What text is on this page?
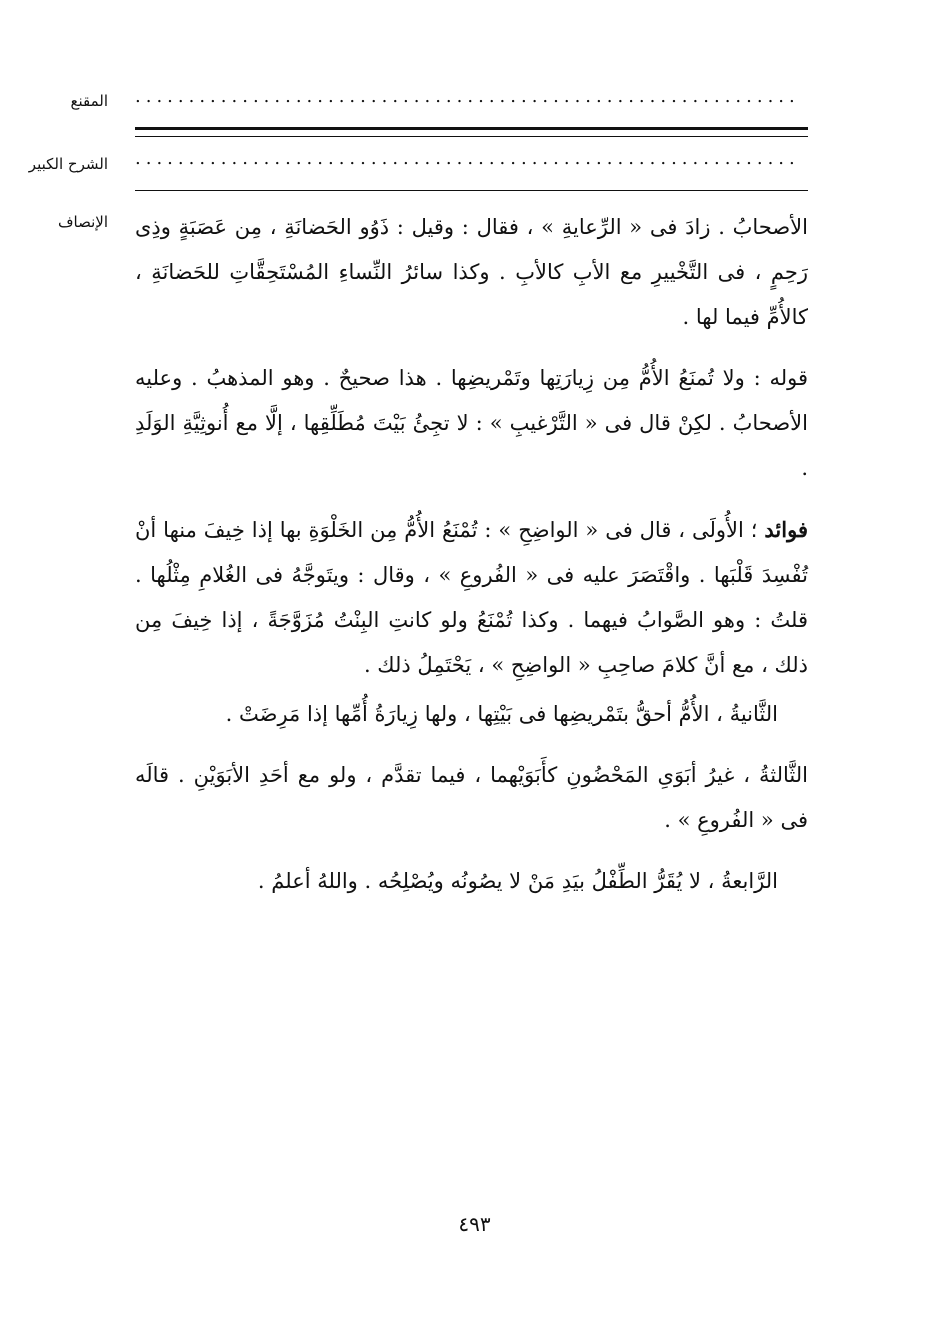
المقنع
الشرح الكبير
الإنصاف
..............................................................
..............................................................

الأصحابُ . زادَ فى « الرِّعايةِ » ، فقال : وقيل : ذَوُو الحَضانَةِ ، مِن عَصَبَةٍ وذِى رَحِمٍ ، فى التَّخْييرِ مع الأبِ كالأبِ . وكذا سائرُ النِّساءِ المُسْتَحِقَّاتِ للحَضانَةِ ، كالأُمِّ فيما لها .

قوله : ولا تُمنَعُ الأُمُّ مِن زِيارَتِها وتَمْريضِها . هذا صحيحٌ . وهو المذهبُ . وعليه الأصحابُ . لكِنْ قال فى « التَّرْغيبِ » : لا تجِئُ بَيْتَ مُطَلِّقِها ، إلَّا مع أُنوثِيَّةِ الوَلَدِ .

فوائد ؛ الأُولَى ، قال فى « الواضِحِ » : تُمْنَعُ الأُمُّ مِن الخَلْوَةِ بها إذا خِيفَ منها أنْ تُفْسِدَ قَلْبَها . واقْتَصَرَ عليه فى « الفُروعِ » ، وقال : ويتَوجَّهُ فى الغُلامِ مِثْلُها . قلتُ : وهو الصَّوابُ فيهما . وكذا تُمْنَعُ ولو كانتِ البِنْتُ مُزَوَّجَةً ، إذا خِيفَ مِن ذلك ، مع أنَّ كلامَ صاحِبِ « الواضِحِ » ، يَحْتَمِلُ ذلك .

الثَّانيةُ ، الأُمُّ أحقُّ بتَمْريضِها فى بَيْتِها ، ولها زِيارَةُ أُمِّها إذا مَرِضَتْ .

الثَّالثةُ ، غيرُ أبَوَىِ المَحْضُونِ كأَبَوَيْهما ، فيما تقدَّم ، ولو مع أحَدِ الأبَوَيْنِ . قالَه فى « الفُروعِ » .

الرَّابعةُ ، لا يُقَرُّ الطِّفْلُ بيَدِ مَنْ لا يصُونُه ويُصْلِحُه . واللهُ أعلمُ .

٤٩٣
